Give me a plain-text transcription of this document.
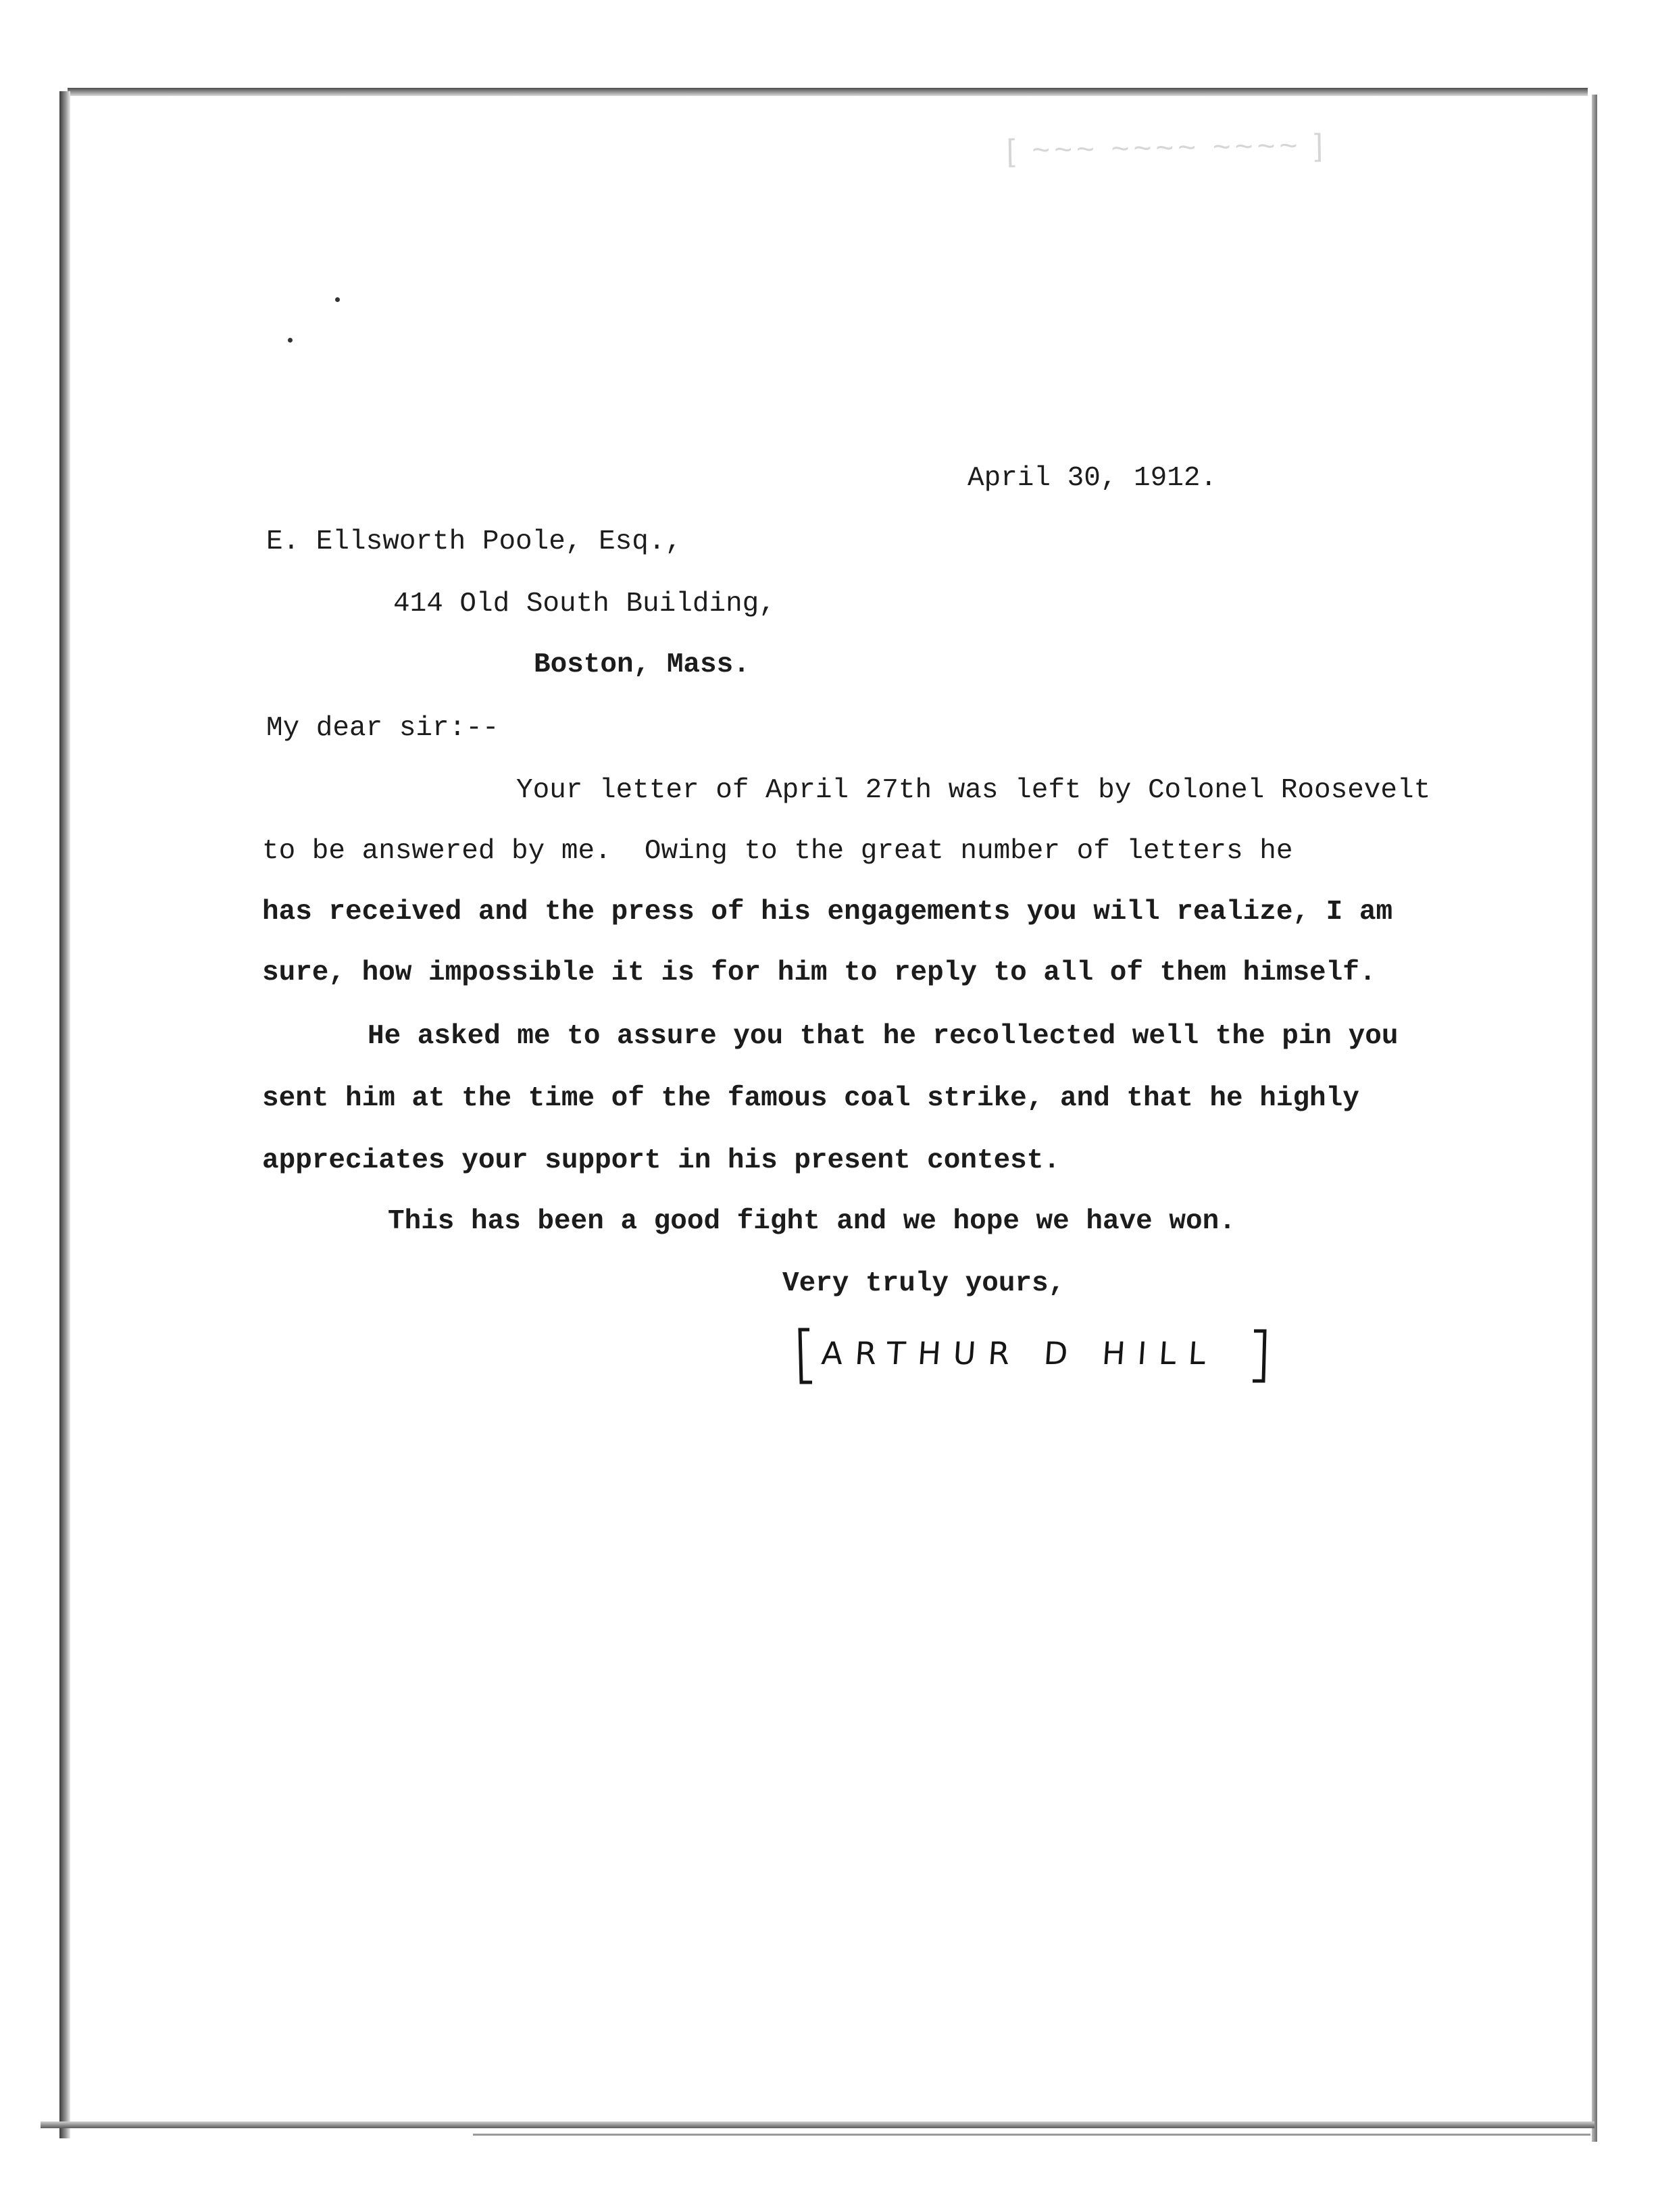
[ ~~~ ~~~~ ~~~~ ]
April 30, 1912.
E. Ellsworth Poole, Esq.,
414 Old South Building,
Boston, Mass.
My dear sir:--
Your letter of April 27th was left by Colonel Roosevelt
to be answered by me.  Owing to the great number of letters he
has received and the press of his engagements you will realize, I am
sure, how impossible it is for him to reply to all of them himself.
He asked me to assure you that he recollected well the pin you
sent him at the time of the famous coal strike, and that he highly
appreciates your support in his present contest.
This has been a good fight and we hope we have won.
Very truly yours,
ARTHUR D HILL
